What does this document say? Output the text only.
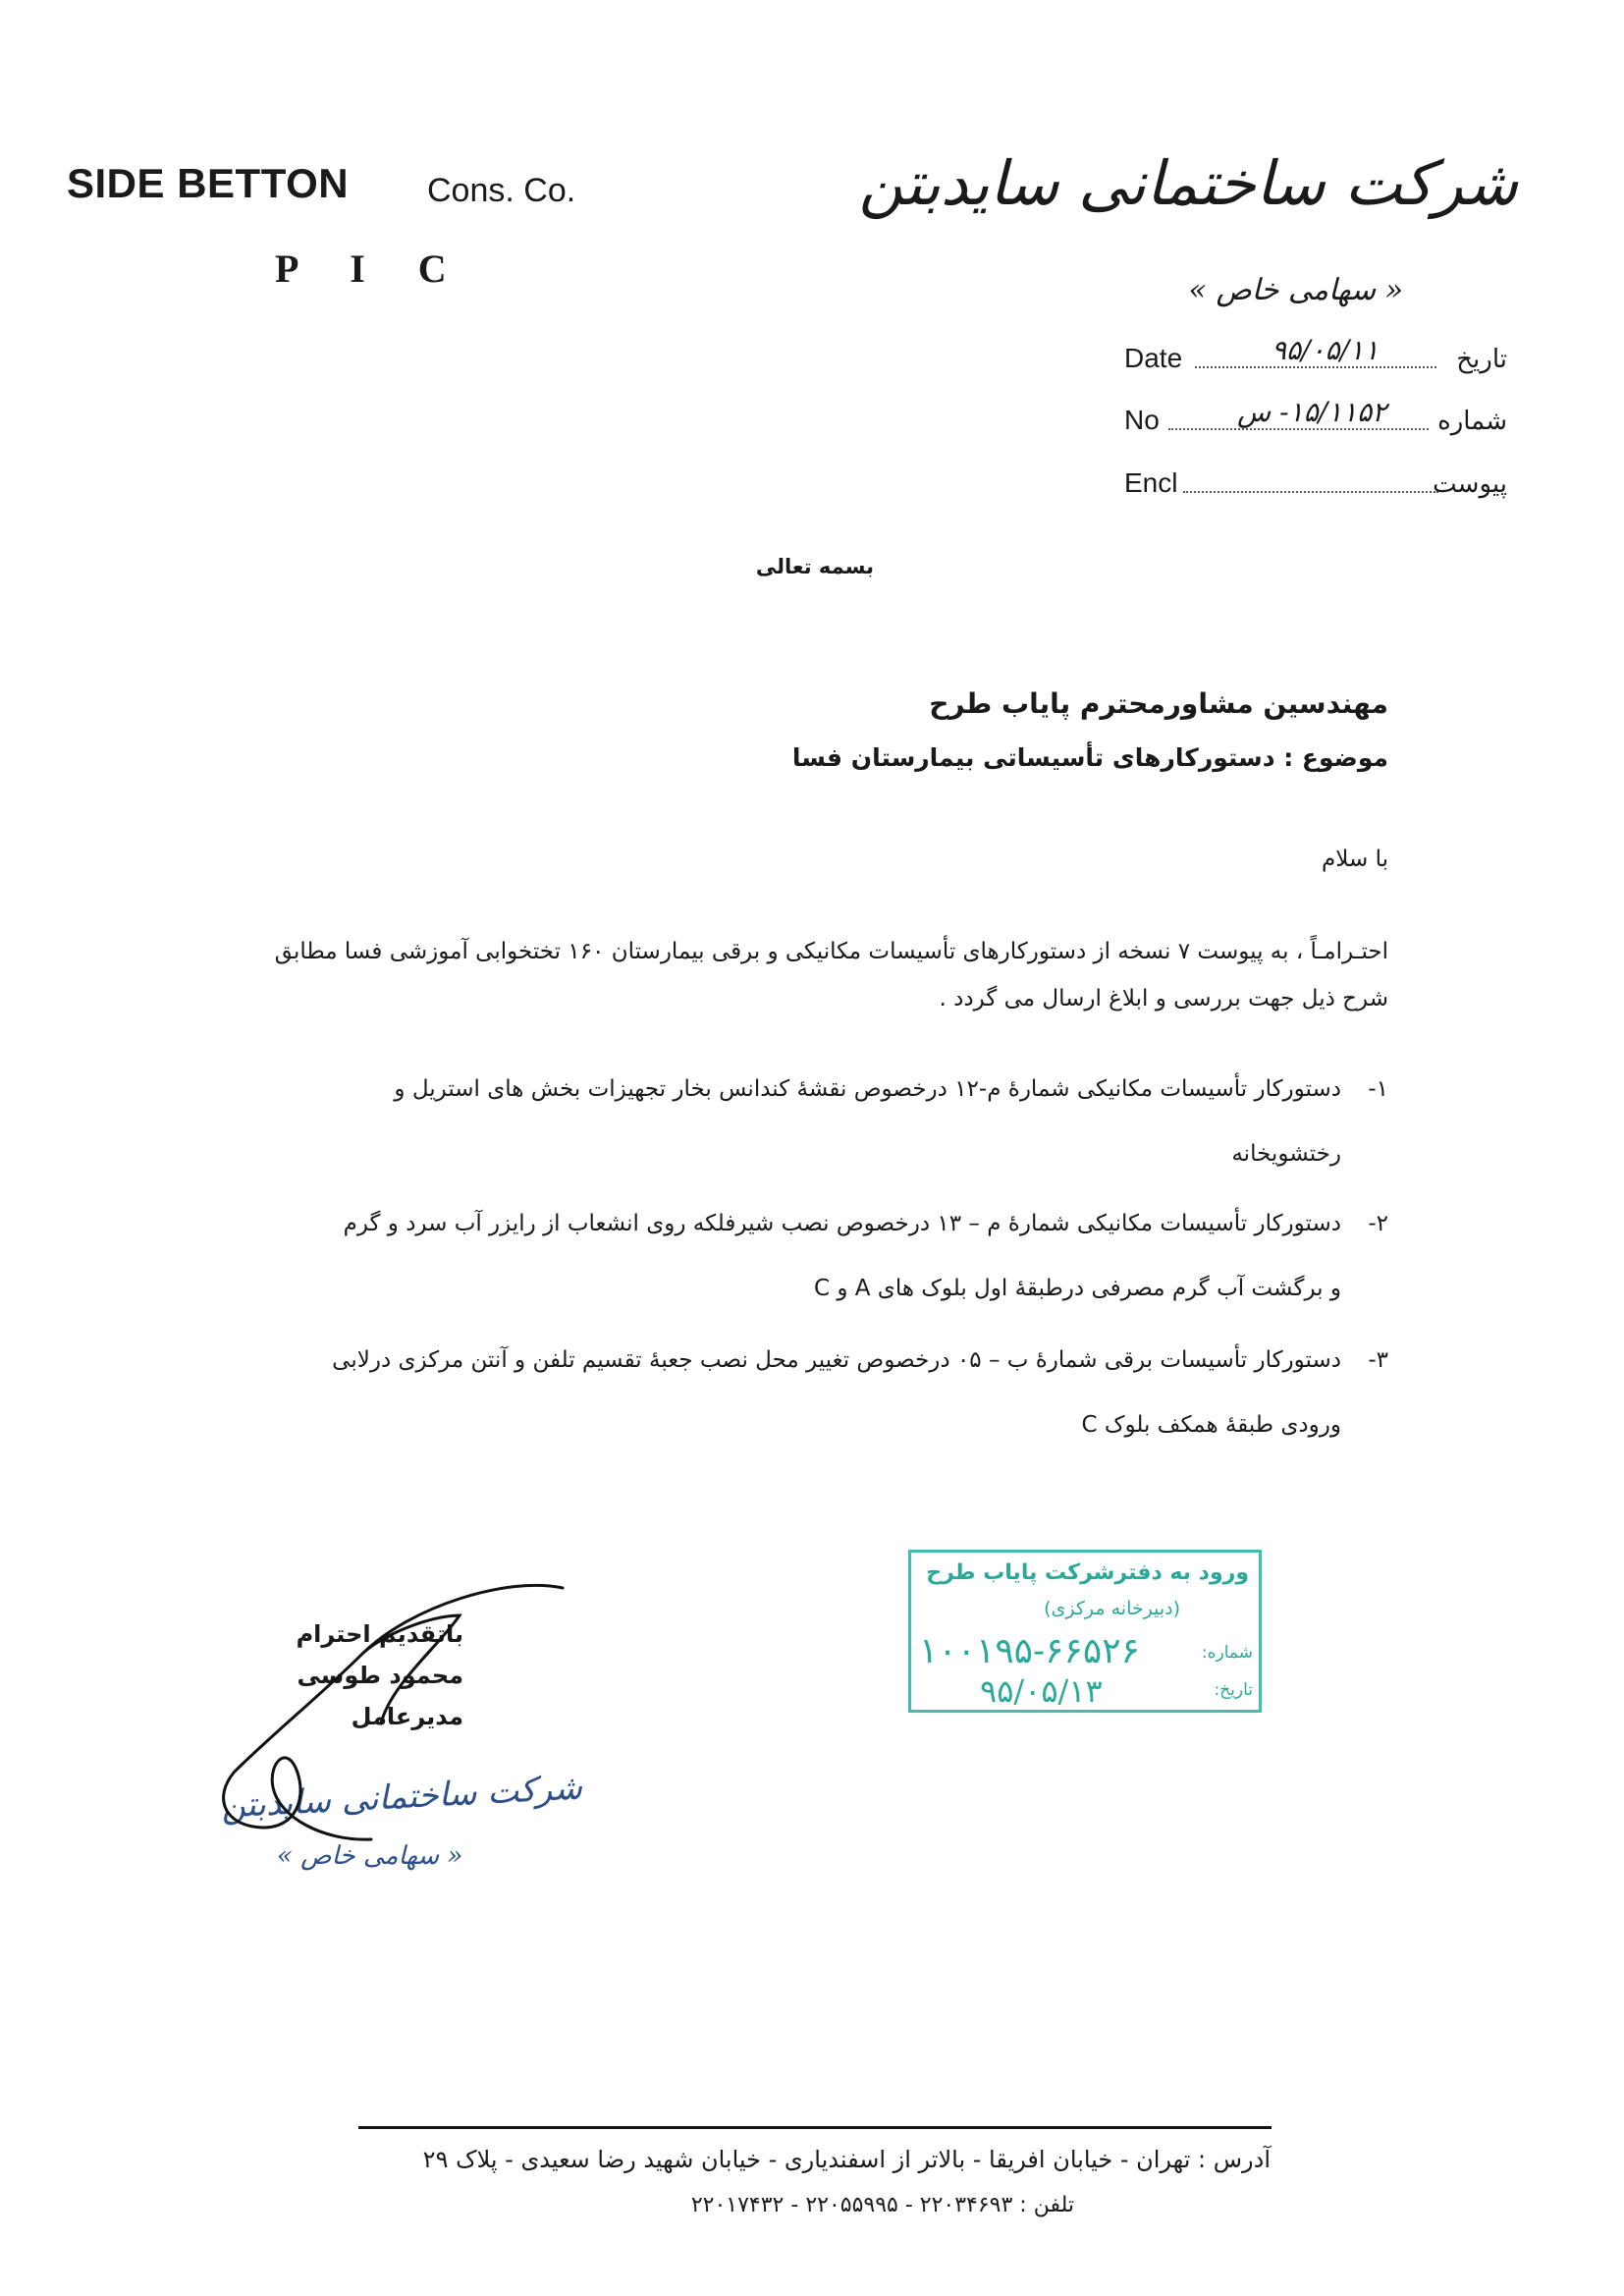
SIDE BETTON Cons. Co.
P I C
شرکت ساختمانی سایدبتن
« سهامی خاص »
Date	۹۵/۰۵/۱۱	تاریخ
No	۱۵/۱۱۵۲- س شماره
Encl	پیوست
بسمه تعالی
مهندسین مشاورمحترم پایاب طرح
موضوع : دستورکارهای تأسیساتی بیمارستان فسا
با سلام
احتـرامـاً ، به پیوست ۷ نسخه از دستورکارهای تأسیسات مکانیکی و برقی بیمارستان ۱۶۰ تختخوابی آموزشی فسا مطابق شرح ذیل جهت بررسی و ابلاغ ارسال می گردد .
۱-
دستورکار تأسیسات مکانیکی شمارۀ م-۱۲ درخصوص نقشۀ کندانس بخار تجهیزات بخش های استریل و رختشویخانه
۲-
دستورکار تأسیسات مکانیکی شمارۀ م – ۱۳ درخصوص نصب شیرفلکه روی انشعاب از رایزر آب سرد و گرم و برگشت آب گرم مصرفی درطبقۀ اول بلوک های A و C
۳-
دستورکار تأسیسات برقی شمارۀ ب – ۰۵ درخصوص تغییر محل نصب جعبۀ تقسیم تلفن و آنتن مرکزی درلابی ورودی طبقۀ همکف بلوک C
ورود به دفترشرکت پایاب طرح
(دبیرخانه مرکزی)
شماره:
۱۰۰۱۹۵-۶۶۵۲۶
تاریخ:
۹۵/۰۵/۱۳
باتقدیم احترام
محمود طوسی
مدیرعامل
شرکت ساختمانی سایدبتن
« سهامی خاص »
آدرس : تهران - خیابان افریقا - بالاتر از اسفندیاری - خیابان شهید رضا سعیدی - پلاک ۲۹
تلفن : ۲۲۰۳۴۶۹۳ - ۲۲۰۵۵۹۹۵ - ۲۲۰۱۷۴۳۲
